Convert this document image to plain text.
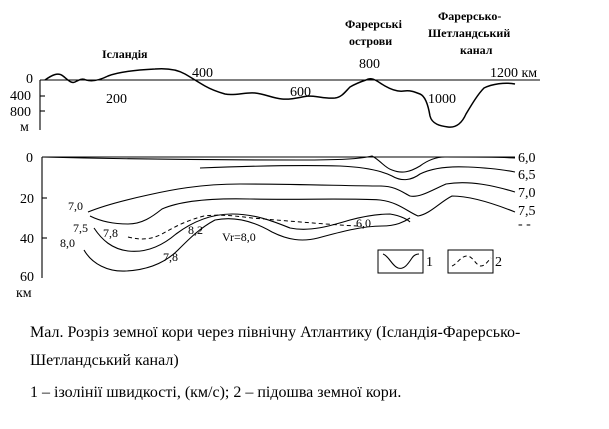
Ісландія
Фарерські
острови
Фарерсько-
Шетландський
канал
0	400
800
1200 км
400
800
м
200	600	1000
0
20
40
60
км
6,0
6,5
7,0
7,5
- -
7,0
7,5
8,0
7,8
7,8
8,2	6,0
Vr=8,0
1	2
Мал. Розріз земної кори через північну Атлантику (Ісландія-Фарерсько-
Шетландський канал)
1 – ізолінії швидкості, (км/с); 2 – підошва земної кори.
